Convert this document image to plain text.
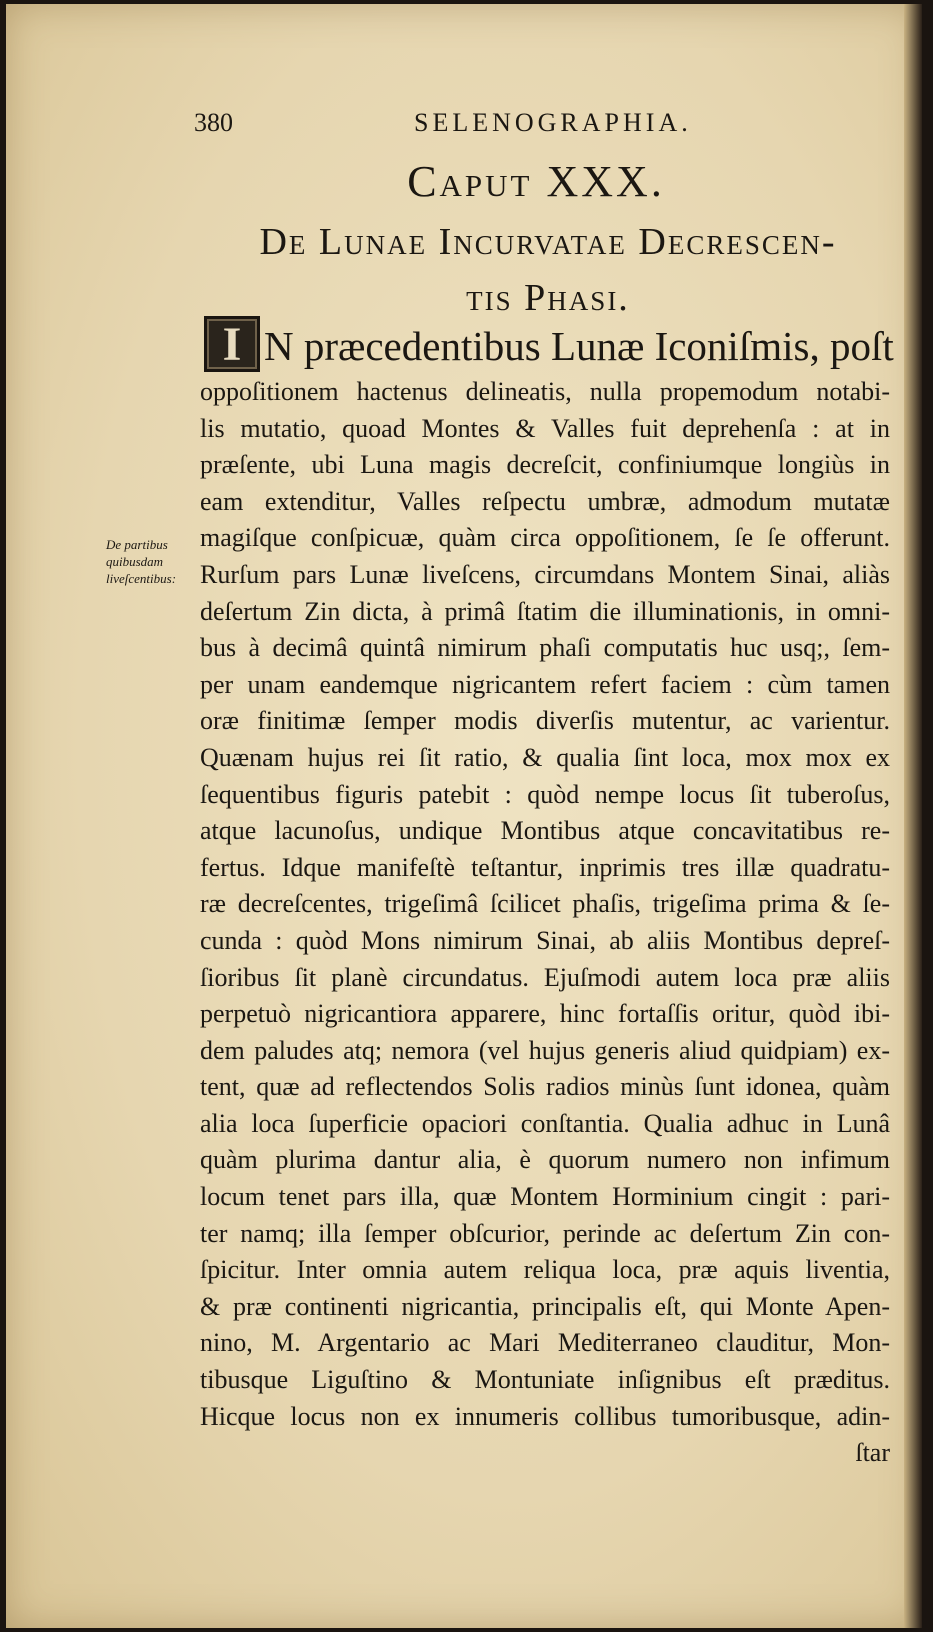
380	SELENOGRAPHIA.
Caput XXX.
De Lunae Incurvatae Decrescen-
tis Phasi.
I N præcedentibus Lunæ Iconiſmis, poſt
De partibus
quibusdam
liveſcentibus:
oppoſitionem hactenus delineatis, nulla propemodum notabi-
lis mutatio, quoad Montes & Valles fuit deprehenſa : at in
præſente, ubi Luna magis decreſcit, confiniumque longiùs in
eam extenditur, Valles reſpectu umbræ, admodum mutatæ
magiſque conſpicuæ, quàm circa oppoſitionem, ſe ſe offerunt.
Rurſum pars Lunæ liveſcens, circumdans Montem Sinai, aliàs
deſertum Zin dicta, à primâ ſtatim die illuminationis, in omni-
bus à decimâ quintâ nimirum phaſi computatis huc usq;, ſem-
per unam eandemque nigricantem refert faciem : cùm tamen
oræ finitimæ ſemper modis diverſis mutentur, ac varientur.
Quænam hujus rei ſit ratio, & qualia ſint loca, mox mox ex
ſequentibus figuris patebit : quòd nempe locus ſit tuberoſus,
atque lacunoſus, undique Montibus atque concavitatibus re-
fertus. Idque manifeſtè teſtantur, inprimis tres illæ quadratu-
ræ decreſcentes, trigeſimâ ſcilicet phaſis, trigeſima prima & ſe-
cunda : quòd Mons nimirum Sinai, ab aliis Montibus depreſ-
ſioribus ſit planè circundatus. Ejuſmodi autem loca præ aliis
perpetuò nigricantiora apparere, hinc fortaſſis oritur, quòd ibi-
dem paludes atq; nemora (vel hujus generis aliud quidpiam) ex-
tent, quæ ad reflectendos Solis radios minùs ſunt idonea, quàm
alia loca ſuperficie opaciori conſtantia. Qualia adhuc in Lunâ
quàm plurima dantur alia, è quorum numero non infimum
locum tenet pars illa, quæ Montem Horminium cingit : pari-
ter namq; illa ſemper obſcurior, perinde ac deſertum Zin con-
ſpicitur. Inter omnia autem reliqua loca, præ aquis liventia,
& præ continenti nigricantia, principalis eſt, qui Monte Apen-
nino, M. Argentario ac Mari Mediterraneo clauditur, Mon-
tibusque Liguſtino & Montuniate inſignibus eſt præditus.
Hicque locus non ex innumeris collibus tumoribusque, adin-
ſtar
